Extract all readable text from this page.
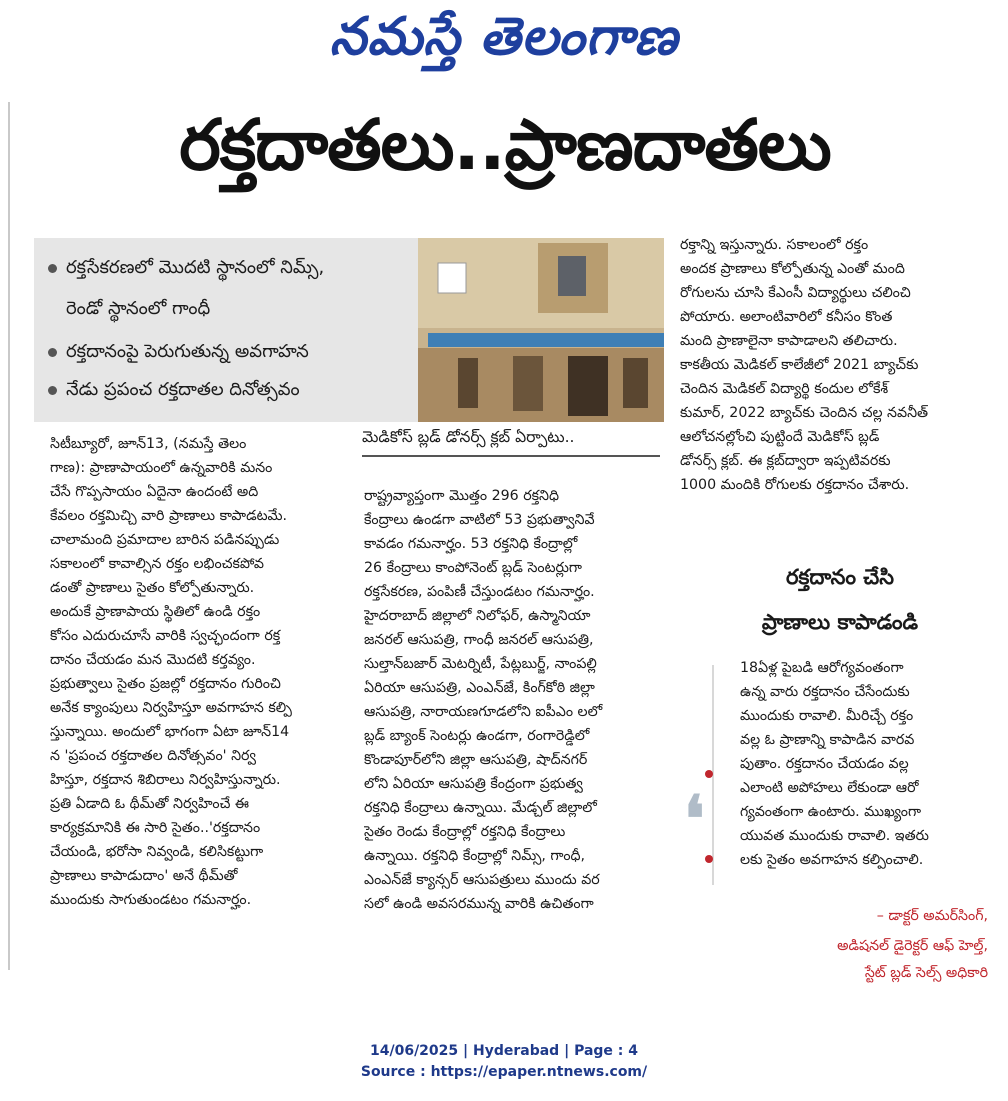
నమస్తే తెలంగాణ
రక్తదాతలు..ప్రాణదాతలు
రక్తసేకరణలో మొదటి స్థానంలో నిమ్స్,
రెండో స్థానంలో గాంధీ
రక్తదానంపై పెరుగుతున్న అవగాహన
నేడు ప్రపంచ రక్తదాతల దినోత్సవం
మెడికోస్ బ్లడ్ డోనర్స్ క్లబ్ ఏర్పాటు..
సిటీబ్యూరో, జూన్13, (నమస్తే తెలం
గాణ): ప్రాణాపాయంలో ఉన్నవారికి మనం
చేసే గొప్పసాయం ఏదైనా ఉందంటే అది
కేవలం రక్తమిచ్చి వారి ప్రాణాలు కాపాడటమే.
చాలామంది ప్రమాదాల బారిన పడినప్పుడు
సకాలంలో కావాల్సిన రక్తం లభించకపోవ
డంతో ప్రాణాలు సైతం కోల్పోతున్నారు.
అందుకే ప్రాణాపాయ స్థితిలో ఉండి రక్తం
కోసం ఎదురుచూసే వారికి స్వచ్ఛందంగా రక్త
దానం చేయడం మన మొదటి కర్తవ్యం.
ప్రభుత్వాలు సైతం ప్రజల్లో రక్తదానం గురించి
అనేక క్యాంపులు నిర్వహిస్తూ అవగాహన కల్పి
స్తున్నాయి. అందులో భాగంగా ఏటా జూన్14
న 'ప్రపంచ రక్తదాతల దినోత్సవం' నిర్వ
హిస్తూ, రక్తదాన శిబిరాలు నిర్వహిస్తున్నారు.
ప్రతి ఏడాది ఓ థీమ్‌తో నిర్వహించే ఈ
కార్యక్రమానికి ఈ సారి సైతం..'రక్తదానం
చేయండి, భరోసా నివ్వండి, కలిసికట్టుగా
ప్రాణాలు కాపాడుదాం' అనే థీమ్‌తో
ముందుకు సాగుతుండటం గమనార్హం.
రాష్ట్రవ్యాప్తంగా మొత్తం 296 రక్తనిధి
కేంద్రాలు ఉండగా వాటిలో 53 ప్రభుత్వానివే
కావడం గమనార్హం. 53 రక్తనిధి కేంద్రాల్లో
26 కేంద్రాలు కాంపోనెంట్ బ్లడ్ సెంటర్లుగా
రక్తసేకరణ, పంపిణీ చేస్తుండటం గమనార్హం.
హైదరాబాద్ జిల్లాలో నిలోఫర్, ఉస్మానియా
జనరల్ ఆసుపత్రి, గాంధీ జనరల్ ఆసుపత్రి,
సుల్తాన్‌బజార్ మెటర్నిటీ, పేట్లబుర్జ్, నాంపల్లి
ఏరియా ఆసుపత్రి, ఎంఎన్‌జే, కింగ్‌కోఠి జిల్లా
ఆసుపత్రి, నారాయణగూడలోని ఐపీఎం లలో
బ్లడ్ బ్యాంక్ సెంటర్లు ఉండగా, రంగారెడ్డిలో
కొండాపూర్‌లోని జిల్లా ఆసుపత్రి, షాద్‌నగర్
లోని ఏరియా ఆసుపత్రి కేంద్రంగా ప్రభుత్వ
రక్తనిధి కేంద్రాలు ఉన్నాయి. మేడ్చల్ జిల్లాలో
సైతం రెండు కేంద్రాల్లో రక్తనిధి కేంద్రాలు
ఉన్నాయి. రక్తనిధి కేంద్రాల్లో నిమ్స్, గాంధీ,
ఎంఎన్‌జే క్యాన్సర్ ఆసుపత్రులు ముందు వర
సలో ఉండి అవసరమున్న వారికి ఉచితంగా
రక్తాన్ని ఇస్తున్నారు. సకాలంలో రక్తం
అందక ప్రాణాలు కోల్పోతున్న ఎంతో మంది
రోగులను చూసి కేఎంసీ విద్యార్థులు చలించి
పోయారు. అలాంటివారిలో కనీసం కొంత
మంది ప్రాణాలైనా కాపాడాలని తలిచారు.
కాకతీయ మెడికల్ కాలేజీలో 2021 బ్యాచ్‌కు
చెందిన మెడికల్ విద్యార్థి కందుల లోకేశ్
కుమార్, 2022 బ్యాచ్‌కు చెందిన చల్ల నవనీత్
ఆలోచనల్లోంచి పుట్టిందే మెడికోస్ బ్లడ్
డోనర్స్ క్లబ్. ఈ క్లబ్‌ద్వారా ఇప్పటివరకు
1000 మందికి రోగులకు రక్తదానం చేశారు.
రక్తదానం చేసి
ప్రాణాలు కాపాడండి
❛
18ఏళ్ల పైబడి ఆరోగ్యవంతంగా
ఉన్న వారు రక్తదానం చేసేందుకు
ముందుకు రావాలి. మీరిచ్చే రక్తం
వల్ల ఓ ప్రాణాన్ని కాపాడిన వారవ
పుతాం. రక్తదానం చేయడం వల్ల
ఎలాంటి అపోహలు లేకుండా ఆరో
గ్యవంతంగా ఉంటారు. ముఖ్యంగా
యువత ముందుకు రావాలి. ఇతరు
లకు సైతం అవగాహన కల్పించాలి.
– డాక్టర్ అమర్‌సింగ్,
అడిషనల్ డైరెక్టర్ ఆఫ్ హెల్త్,
స్టేట్ బ్లడ్ సెల్స్ అధికారి
14/06/2025 | Hyderabad | Page : 4
Source : https://epaper.ntnews.com/
